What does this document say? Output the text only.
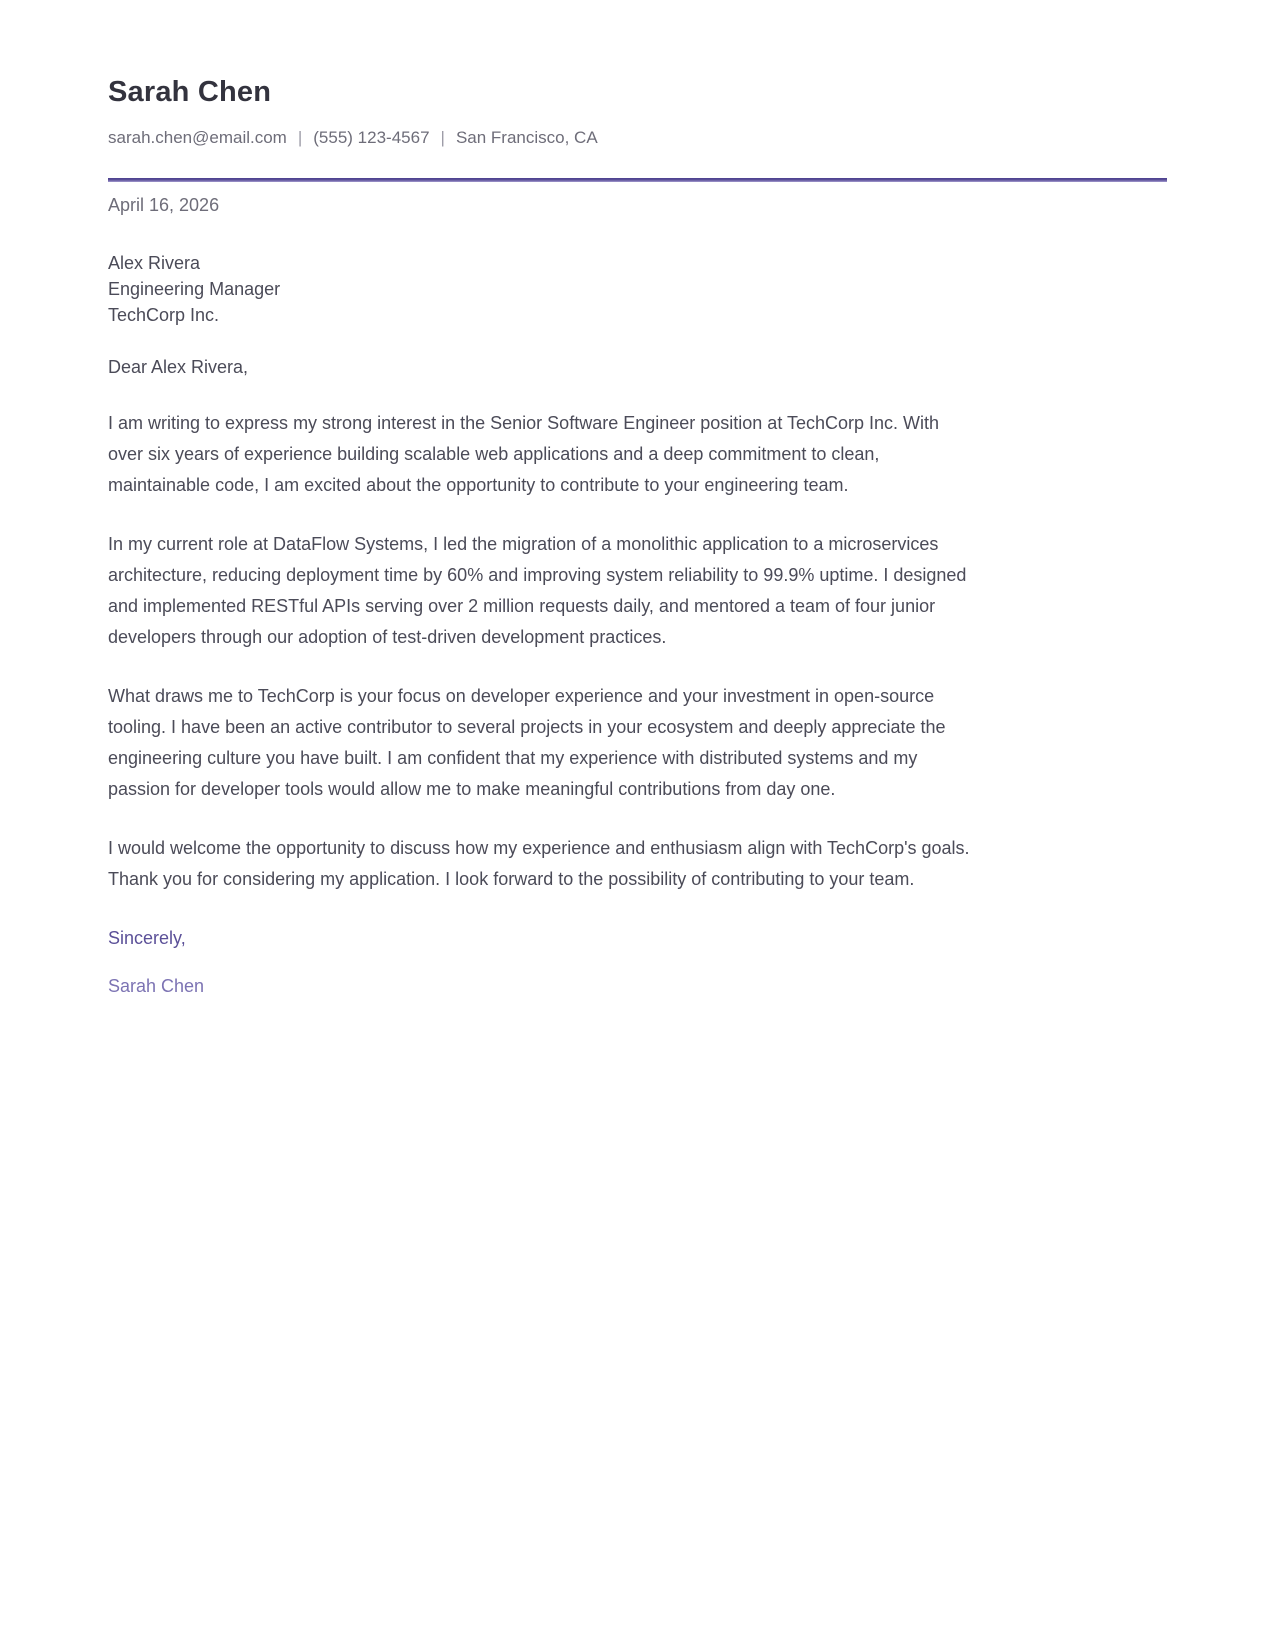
Sarah Chen
sarah.chen@email.com | (555) 123-4567 | San Francisco, CA

April 16, 2026

Alex Rivera
Engineering Manager
TechCorp Inc.

Dear Alex Rivera,

I am writing to express my strong interest in the Senior Software Engineer position at TechCorp Inc. With
over six years of experience building scalable web applications and a deep commitment to clean,
maintainable code, I am excited about the opportunity to contribute to your engineering team.

In my current role at DataFlow Systems, I led the migration of a monolithic application to a microservices
architecture, reducing deployment time by 60% and improving system reliability to 99.9% uptime. I designed
and implemented RESTful APIs serving over 2 million requests daily, and mentored a team of four junior
developers through our adoption of test-driven development practices.

What draws me to TechCorp is your focus on developer experience and your investment in open-source
tooling. I have been an active contributor to several projects in your ecosystem and deeply appreciate the
engineering culture you have built. I am confident that my experience with distributed systems and my
passion for developer tools would allow me to make meaningful contributions from day one.

I would welcome the opportunity to discuss how my experience and enthusiasm align with TechCorp's goals.
Thank you for considering my application. I look forward to the possibility of contributing to your team.

Sincerely,

Sarah Chen
